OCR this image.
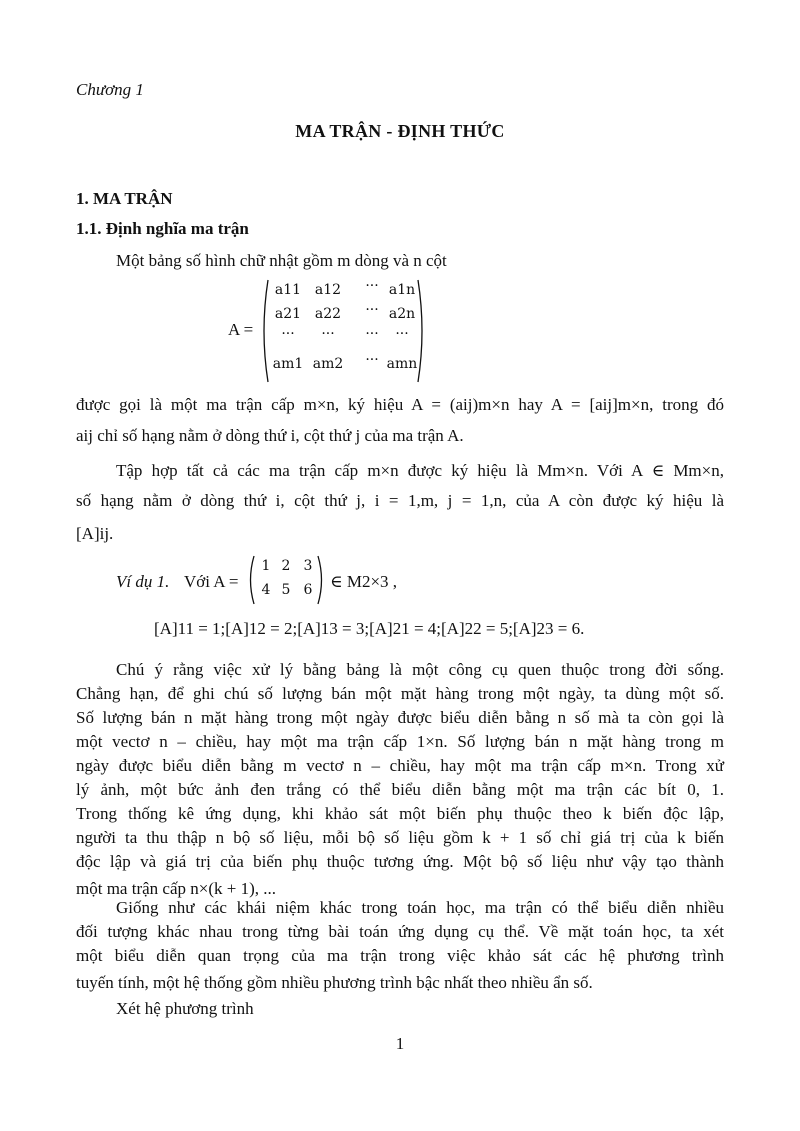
Chương 1
MA TRẬN - ĐỊNH THỨC
1. MA TRẬN
1.1. Định nghĩa ma trận
Một bảng số hình chữ nhật gồm m dòng và n cột
A =
a11 a12	··· a1n
a21 a22	··· a2n
···	···	···	···
am1 am2	··· amn
được gọi là một ma trận cấp m×n, ký hiệu A = (aij)m×n hay A = [aij]m×n, trong đó
aij chỉ số hạng nằm ở dòng thứ i, cột thứ j của ma trận A.
Tập hợp tất cả các ma trận cấp m×n được ký hiệu là Mm×n. Với A ∈ Mm×n,
số hạng nằm ở dòng thứ i, cột thứ j, i = 1,m, j = 1,n, của A còn được ký hiệu là
[A]ij.
Ví dụ 1. Với A =
1 2 3
4 5 6	∈ M2×3 ,
[A]11 = 1;[A]12 = 2;[A]13 = 3;[A]21 = 4;[A]22 = 5;[A]23 = 6.
Chú ý rằng việc xử lý bằng bảng là một công cụ quen thuộc trong đời sống.
Chẳng hạn, để ghi chú số lượng bán một mặt hàng trong một ngày, ta dùng một số.
Số lượng bán n mặt hàng trong một ngày được biểu diễn bằng n số mà ta còn gọi là
một vectơ n – chiều, hay một ma trận cấp 1×n. Số lượng bán n mặt hàng trong m
ngày được biểu diễn bằng m vectơ n – chiều, hay một ma trận cấp m×n. Trong xử
lý ảnh, một bức ảnh đen trắng có thể biểu diễn bằng một ma trận các bít 0, 1.
Trong thống kê ứng dụng, khi khảo sát một biến phụ thuộc theo k biến độc lập,
người ta thu thập n bộ số liệu, mỗi bộ số liệu gồm k + 1 số chỉ giá trị của k biến
độc lập và giá trị của biến phụ thuộc tương ứng. Một bộ số liệu như vậy tạo thành
một ma trận cấp n×(k + 1), ...
Giống như các khái niệm khác trong toán học, ma trận có thể biểu diễn nhiều
đối tượng khác nhau trong từng bài toán ứng dụng cụ thể. Về mặt toán học, ta xét
một biểu diễn quan trọng của ma trận trong việc khảo sát các hệ phương trình
tuyến tính, một hệ thống gồm nhiều phương trình bậc nhất theo nhiều ẩn số.
Xét hệ phương trình
1
